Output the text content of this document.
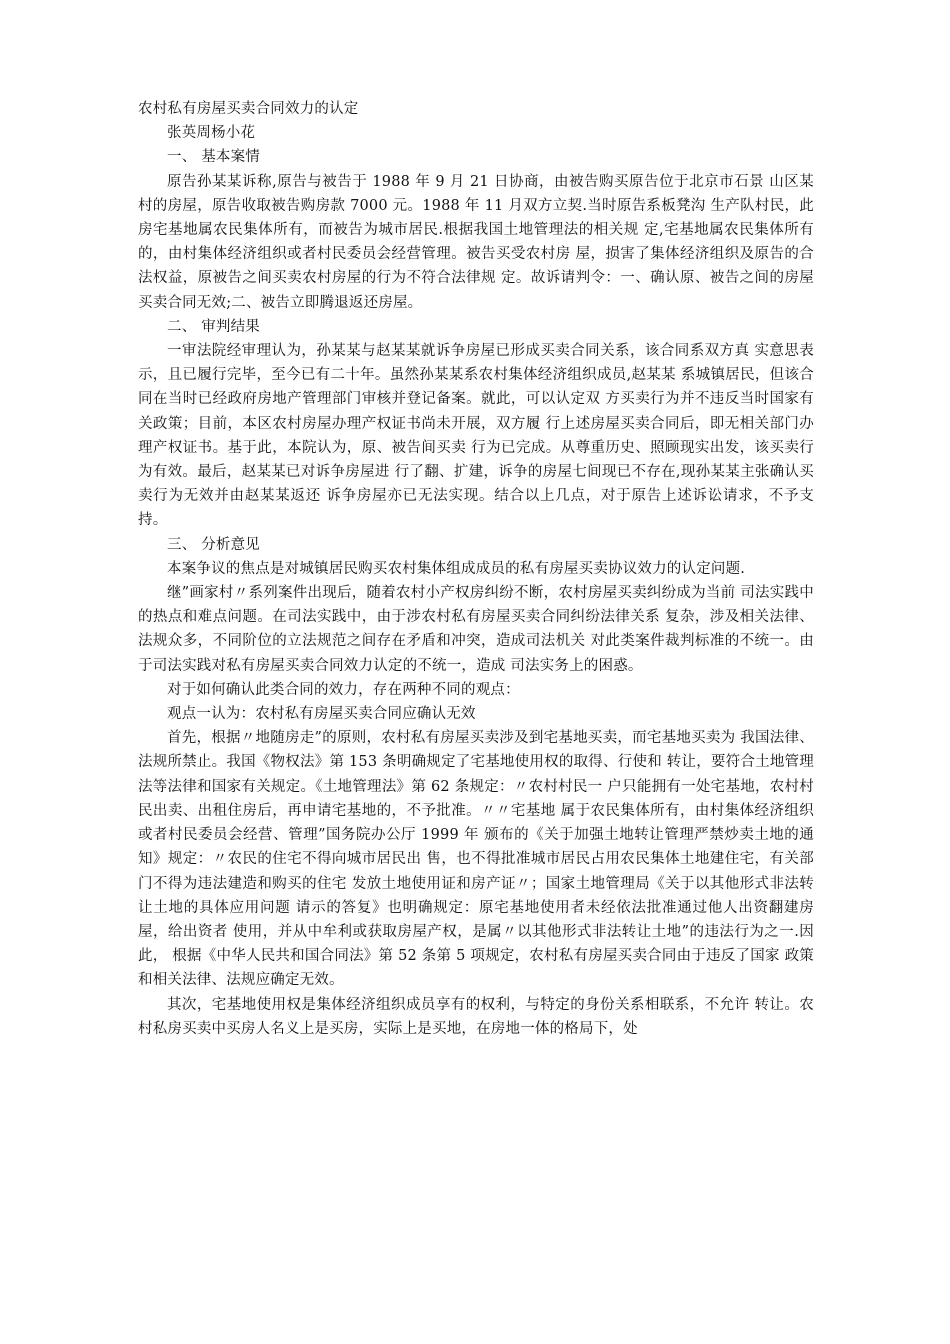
农村私有房屋买卖合同效力的认定

张英周杨小花

一、 基本案情

原告孙某某诉称,原告与被告于 1988 年 9 月 21 日协商，由被告购买原告位于北京市石景 山区某村的房屋，原告收取被告购房款 7000 元。1988 年 11 月双方立契.当时原告系板凳沟 生产队村民，此房宅基地属农民集体所有，而被告为城市居民.根据我国土地管理法的相关规 定,宅基地属农民集体所有的，由村集体经济组织或者村民委员会经营管理。被告买受农村房 屋，损害了集体经济组织及原告的合法权益，原被告之间买卖农村房屋的行为不符合法律规 定。故诉请判令：一、确认原、被告之间的房屋买卖合同无效;二、被告立即腾退返还房屋。

二、 审判结果

一审法院经审理认为，孙某某与赵某某就诉争房屋已形成买卖合同关系，该合同系双方真 实意思表示，且已履行完毕，至今已有二十年。虽然孙某某系农村集体经济组织成员,赵某某 系城镇居民，但该合同在当时已经政府房地产管理部门审核并登记备案。就此，可以认定双 方买卖行为并不违反当时国家有关政策；目前，本区农村房屋办理产权证书尚未开展，双方履 行上述房屋买卖合同后，即无相关部门办理产权证书。基于此，本院认为，原、被告间买卖 行为已完成。从尊重历史、照顾现实出发，该买卖行为有效。最后，赵某某已对诉争房屋进 行了翻、扩建，诉争的房屋七间现已不存在,现孙某某主张确认买卖行为无效并由赵某某返还 诉争房屋亦已无法实现。结合以上几点，对于原告上述诉讼请求，不予支持。

三、 分析意见

本案争议的焦点是对城镇居民购买农村集体组成成员的私有房屋买卖协议效力的认定问题.

继”画家村〃系列案件出现后，随着农村小产权房纠纷不断，农村房屋买卖纠纷成为当前 司法实践中的热点和难点问题。在司法实践中，由于涉农村私有房屋买卖合同纠纷法律关系 复杂，涉及相关法律、法规众多，不同阶位的立法规范之间存在矛盾和冲突，造成司法机关 对此类案件裁判标准的不统一。由于司法实践对私有房屋买卖合同效力认定的不统一，造成 司法实务上的困惑。

对于如何确认此类合同的效力，存在两种不同的观点：

观点一认为：农村私有房屋买卖合同应确认无效

首先，根据〃地随房走”的原则，农村私有房屋买卖涉及到宅基地买卖，而宅基地买卖为 我国法律、法规所禁止。我国《物权法》第 153 条明确规定了宅基地使用权的取得、行使和 转让，要符合土地管理法等法律和国家有关规定。《土地管理法》第 62 条规定：〃农村村民一 户只能拥有一处宅基地，农村村民出卖、出租住房后，再申请宅基地的，不予批准。〃〃宅基地 属于农民集体所有，由村集体经济组织或者村民委员会经营、管理”国务院办公厅 1999 年 颁布的《关于加强土地转让管理严禁炒卖土地的通知》规定：〃农民的住宅不得向城市居民出 售，也不得批准城市居民占用农民集体土地建住宅，有关部门不得为违法建造和购买的住宅 发放土地使用证和房产证〃；国家土地管理局《关于以其他形式非法转让土地的具体应用问题 请示的答复》也明确规定：原宅基地使用者未经依法批准通过他人出资翻建房屋，给出资者 使用，并从中牟利或获取房屋产权，是属〃以其他形式非法转让土地”的违法行为之一.因此， 根据《中华人民共和国合同法》第 52 条第 5 项规定，农村私有房屋买卖合同由于违反了国家 政策和相关法律、法规应确定无效。

其次，宅基地使用权是集体经济组织成员享有的权利，与特定的身份关系相联系，不允许 转让。农村私房买卖中买房人名义上是买房，实际上是买地，在房地一体的格局下，处
